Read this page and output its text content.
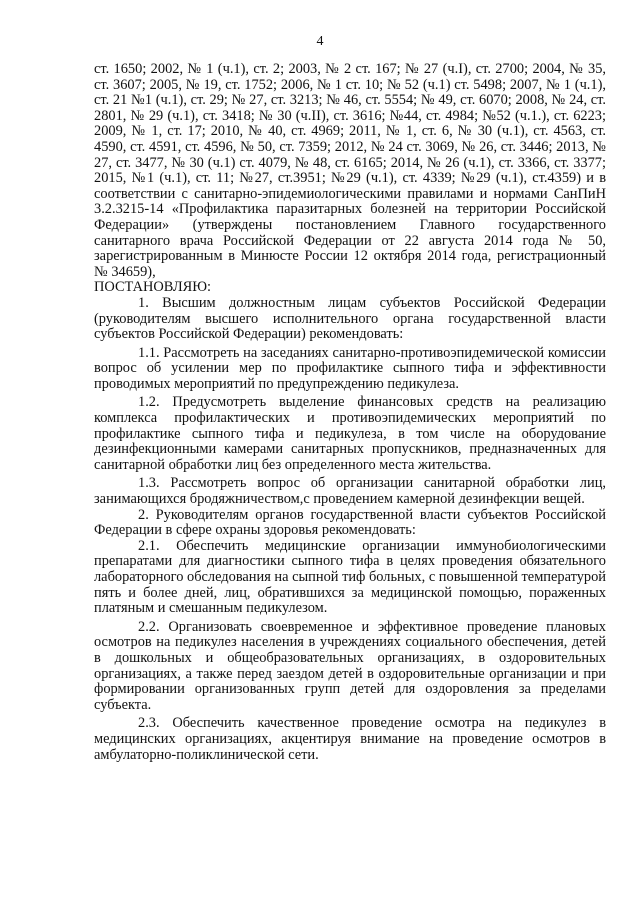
4

ст. 1650; 2002, № 1 (ч.1), ст. 2; 2003, № 2 ст. 167; № 27 (ч.I), ст. 2700; 2004, № 35, ст. 3607; 2005, № 19, ст. 1752; 2006, № 1 ст. 10; № 52 (ч.1) ст. 5498; 2007, № 1 (ч.1), ст. 21 №1 (ч.1), ст. 29; № 27, ст. 3213; № 46, ст. 5554; № 49, ст. 6070; 2008, № 24, ст. 2801, № 29 (ч.1), ст. 3418; № 30 (ч.II), ст. 3616; №44, ст. 4984; №52 (ч.1.), ст. 6223; 2009, № 1, ст. 17; 2010, № 40, ст. 4969; 2011, № 1, ст. 6, № 30 (ч.1), ст. 4563, ст. 4590, ст. 4591, ст. 4596, № 50, ст. 7359; 2012, № 24 ст. 3069, № 26, ст. 3446; 2013, № 27, ст. 3477, № 30 (ч.1) ст. 4079, № 48, ст. 6165; 2014, № 26 (ч.1), ст. 3366, ст. 3377; 2015, №1 (ч.1), ст. 11; №27, ст.3951; №29 (ч.1), ст. 4339; №29 (ч.1), ст.4359) и в соответствии с санитарно-эпидемиологическими правилами и нормами СанПиН 3.2.3215-14 «Профилактика паразитарных болезней на территории Российской Федерации» (утверждены постановлением Главного государственного санитарного врача Российской Федерации от 22 августа 2014 года № 50, зарегистрированным в Минюсте России 12 октября 2014 года, регистрационный № 34659),

ПОСТАНОВЛЯЮ:

1. Высшим должностным лицам субъектов Российской Федерации (руководителям высшего исполнительного органа государственной власти субъектов Российской Федерации) рекомендовать:

1.1. Рассмотреть на заседаниях санитарно-противоэпидемической комиссии вопрос об усилении мер по профилактике сыпного тифа и эффективности проводимых мероприятий по предупреждению педикулеза.

1.2. Предусмотреть выделение финансовых средств на реализацию комплекса профилактических и противоэпидемических мероприятий по профилактике сыпного тифа и педикулеза, в том числе на оборудование дезинфекционными камерами санитарных пропускников, предназначенных для санитарной обработки лиц без определенного места жительства.

1.3. Рассмотреть вопрос об организации санитарной обработки лиц, занимающихся бродяжничеством,с проведением камерной дезинфекции вещей.

2. Руководителям органов государственной власти субъектов Российской Федерации в сфере охраны здоровья рекомендовать:

2.1. Обеспечить медицинские организации иммунобиологическими препаратами для диагностики сыпного тифа в целях проведения обязательного лабораторного обследования на сыпной тиф больных, с повышенной температурой пять и более дней, лиц, обратившихся за медицинской помощью, пораженных платяным и смешанным педикулезом.

2.2. Организовать своевременное и эффективное проведение плановых осмотров на педикулез населения в учреждениях социального обеспечения, детей в дошкольных и общеобразовательных организациях, в оздоровительных организациях, а также перед заездом детей в оздоровительные организации и при формировании организованных групп детей для оздоровления за пределами субъекта.

2.3. Обеспечить качественное проведение осмотра на педикулез в медицинских организациях, акцентируя внимание на проведение осмотров в амбулаторно-поликлинической сети.
